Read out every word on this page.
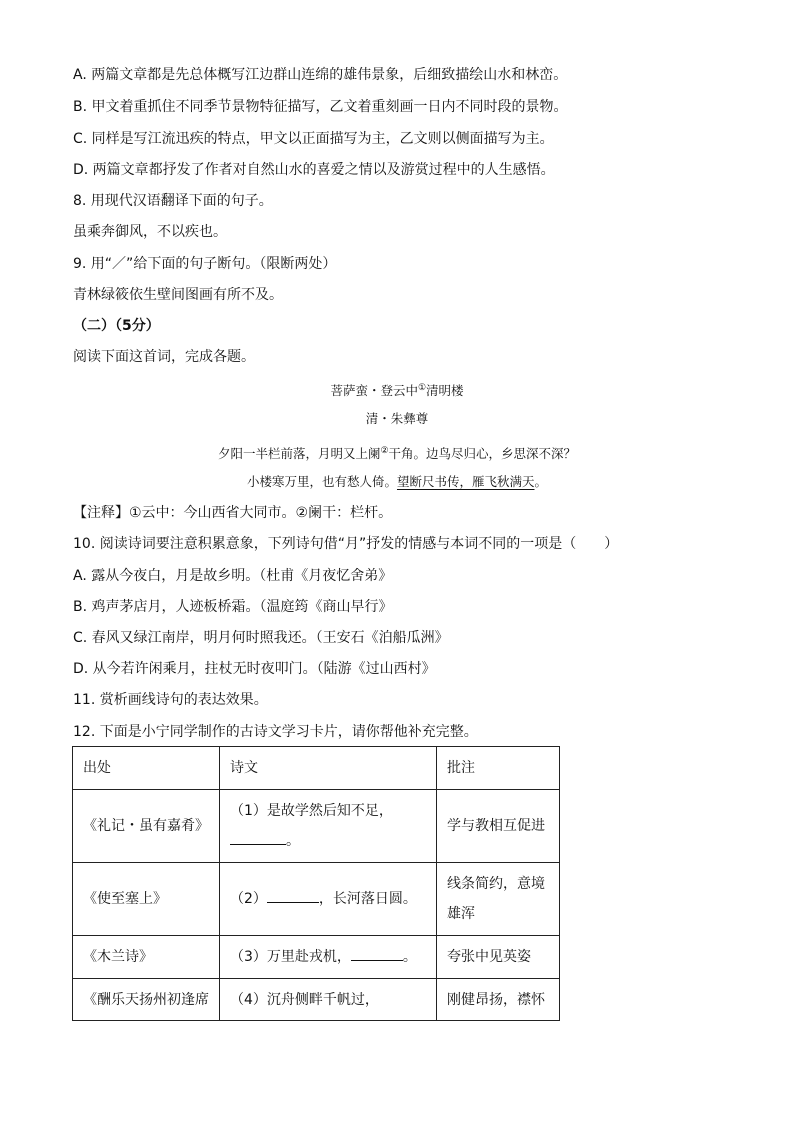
A. 两篇文章都是先总体概写江边群山连绵的雄伟景象，后细致描绘山水和林峦。
B. 甲文着重抓住不同季节景物特征描写，乙文着重刻画一日内不同时段的景物。
C. 同样是写江流迅疾的特点，甲文以正面描写为主，乙文则以侧面描写为主。
D. 两篇文章都抒发了作者对自然山水的喜爱之情以及游赏过程中的人生感悟。
8. 用现代汉语翻译下面的句子。
虽乘奔御风，不以疾也。
9. 用“／”给下面的句子断句。（限断两处）
青林绿筱依生壁间图画有所不及。
（二）（5分）
阅读下面这首词，完成各题。
菩萨蛮・登云中①清明楼
清・朱彝尊
夕阳一半栏前落，月明又上阑②干角。边鸟尽归心，乡思深不深？
小楼寒万里，也有愁人倚。望断尺书传，雁飞秋满天。
【注释】①云中：今山西省大同市。②阑干：栏杆。
10. 阅读诗词要注意积累意象，下列诗句借“月”抒发的情感与本词不同的一项是（　　）
A. 露从今夜白，月是故乡明。（杜甫《月夜忆舍弟》
B. 鸡声茅店月，人迹板桥霜。（温庭筠《商山早行》
C. 春风又绿江南岸，明月何时照我还。（王安石《泊船瓜洲》
D. 从今若许闲乘月，拄杖无时夜叩门。（陆游《过山西村》
11. 赏析画线诗句的表达效果。
12. 下面是小宁同学制作的古诗文学习卡片，请你帮他补充完整。
出处	诗文	批注
《礼记・虽有嘉肴》	（1）是故学然后知不足，
。	学与教相互促进
《使至塞上》	（2） ，长河落日圆。	线条简约，意境
雄浑

《木兰诗》	（3）万里赴戎机， 。	夸张中见英姿
《酬乐天扬州初逢席	（4）沉舟侧畔千帆过，	刚健昂扬，襟怀
